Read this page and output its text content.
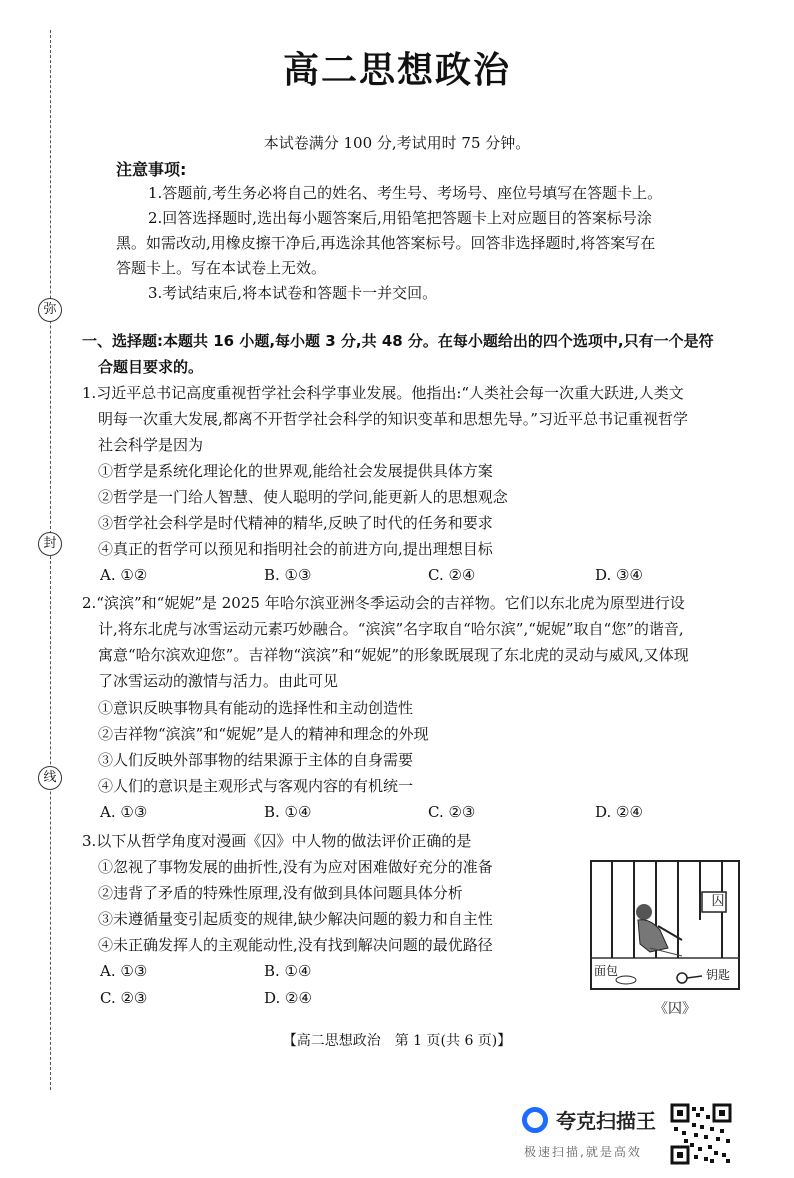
弥
封
线
高二思想政治
本试卷满分 100 分,考试用时 75 分钟。
注意事项:
1.答题前,考生务必将自己的姓名、考生号、考场号、座位号填写在答题卡上。
2.回答选择题时,选出每小题答案后,用铅笔把答题卡上对应题目的答案标号涂
黑。如需改动,用橡皮擦干净后,再选涂其他答案标号。回答非选择题时,将答案写在
答题卡上。写在本试卷上无效。
3.考试结束后,将本试卷和答题卡一并交回。
一、选择题:本题共 16 小题,每小题 3 分,共 48 分。在每小题给出的四个选项中,只有一个是符
合题目要求的。
1.习近平总书记高度重视哲学社会科学事业发展。他指出:“人类社会每一次重大跃进,人类文
明每一次重大发展,都离不开哲学社会科学的知识变革和思想先导。”习近平总书记重视哲学
社会科学是因为
①哲学是系统化理论化的世界观,能给社会发展提供具体方案
②哲学是一门给人智慧、使人聪明的学问,能更新人的思想观念
③哲学社会科学是时代精神的精华,反映了时代的任务和要求
④真正的哲学可以预见和指明社会的前进方向,提出理想目标
A. ①②	B. ①③	C. ②④	D. ③④
2.“滨滨”和“妮妮”是 2025 年哈尔滨亚洲冬季运动会的吉祥物。它们以东北虎为原型进行设
计,将东北虎与冰雪运动元素巧妙融合。“滨滨”名字取自“哈尔滨”,“妮妮”取自“您”的谐音,
寓意“哈尔滨欢迎您”。吉祥物“滨滨”和“妮妮”的形象既展现了东北虎的灵动与威风,又体现
了冰雪运动的激情与活力。由此可见
①意识反映事物具有能动的选择性和主动创造性
②吉祥物“滨滨”和“妮妮”是人的精神和理念的外现
③人们反映外部事物的结果源于主体的自身需要
④人们的意识是主观形式与客观内容的有机统一
A. ①③	B. ①④	C. ②③	D. ②④
3.以下从哲学角度对漫画《囚》中人物的做法评价正确的是
①忽视了事物发展的曲折性,没有为应对困难做好充分的准备
②违背了矛盾的特殊性原理,没有做到具体问题具体分析
③未遵循量变引起质变的规律,缺少解决问题的毅力和自主性
④未正确发挥人的主观能动性,没有找到解决问题的最优路径
A. ①③	B. ①④
C. ②③	D. ②④
囚
面包	钥匙
《囚》
【高二思想政治　第 1 页(共 6 页)】
夸克扫描王
极速扫描,就是高效
